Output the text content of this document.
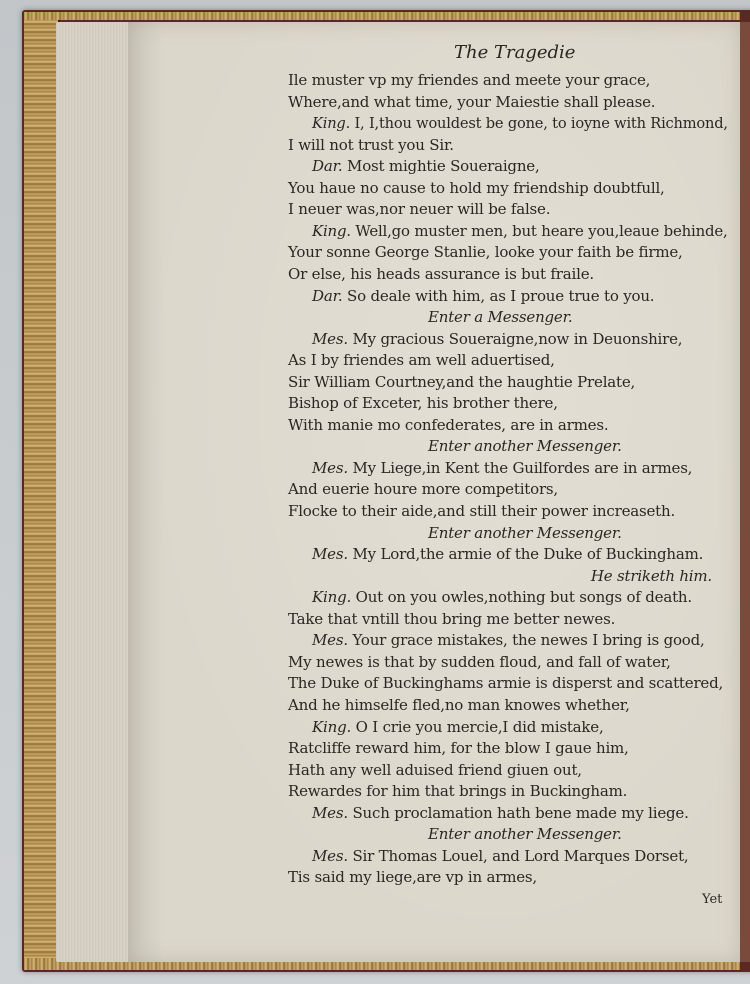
The Tragedie
Ile muster vp my friendes and meete your grace,
Where,and what time, your Maiestie shall please.
King. I, I,thou wouldest be gone, to ioyne with Richmond,
I will not trust you Sir.
Dar. Most mightie Soueraigne,
You haue no cause to hold my friendship doubtfull,
I neuer was,nor neuer will be false.
King. Well,go muster men, but heare you,leaue behinde,
Your sonne George Stanlie, looke your faith be firme,
Or else, his heads assurance is but fraile.
Dar. So deale with him, as I proue true to you.
Enter a Messenger.
Mes. My gracious Soueraigne,now in Deuonshire,
As I by friendes am well aduertised,
Sir William Courtney,and the haughtie Prelate,
Bishop of Exceter, his brother there,
With manie mo confederates, are in armes.
Enter another Messenger.
Mes. My Liege,in Kent the Guilfordes are in armes,
And euerie houre more competitors,
Flocke to their aide,and still their power increaseth.
Enter another Messenger.
Mes. My Lord,the armie of the Duke of Buckingham.
He striketh him.
King. Out on you owles,nothing but songs of death.
Take that vntill thou bring me better newes.
Mes. Your grace mistakes, the newes I bring is good,
My newes is that by sudden floud, and fall of water,
The Duke of Buckinghams armie is disperst and scattered,
And he himselfe fled,no man knowes whether,
King. O I crie you mercie,I did mistake,
Ratcliffe reward him, for the blow I gaue him,
Hath any well aduised friend giuen out,
Rewardes for him that brings in Buckingham.
Mes. Such proclamation hath bene made my liege.
Enter another Messenger.
Mes. Sir Thomas Louel, and Lord Marques Dorset,
Tis said my liege,are vp in armes,
Yet
